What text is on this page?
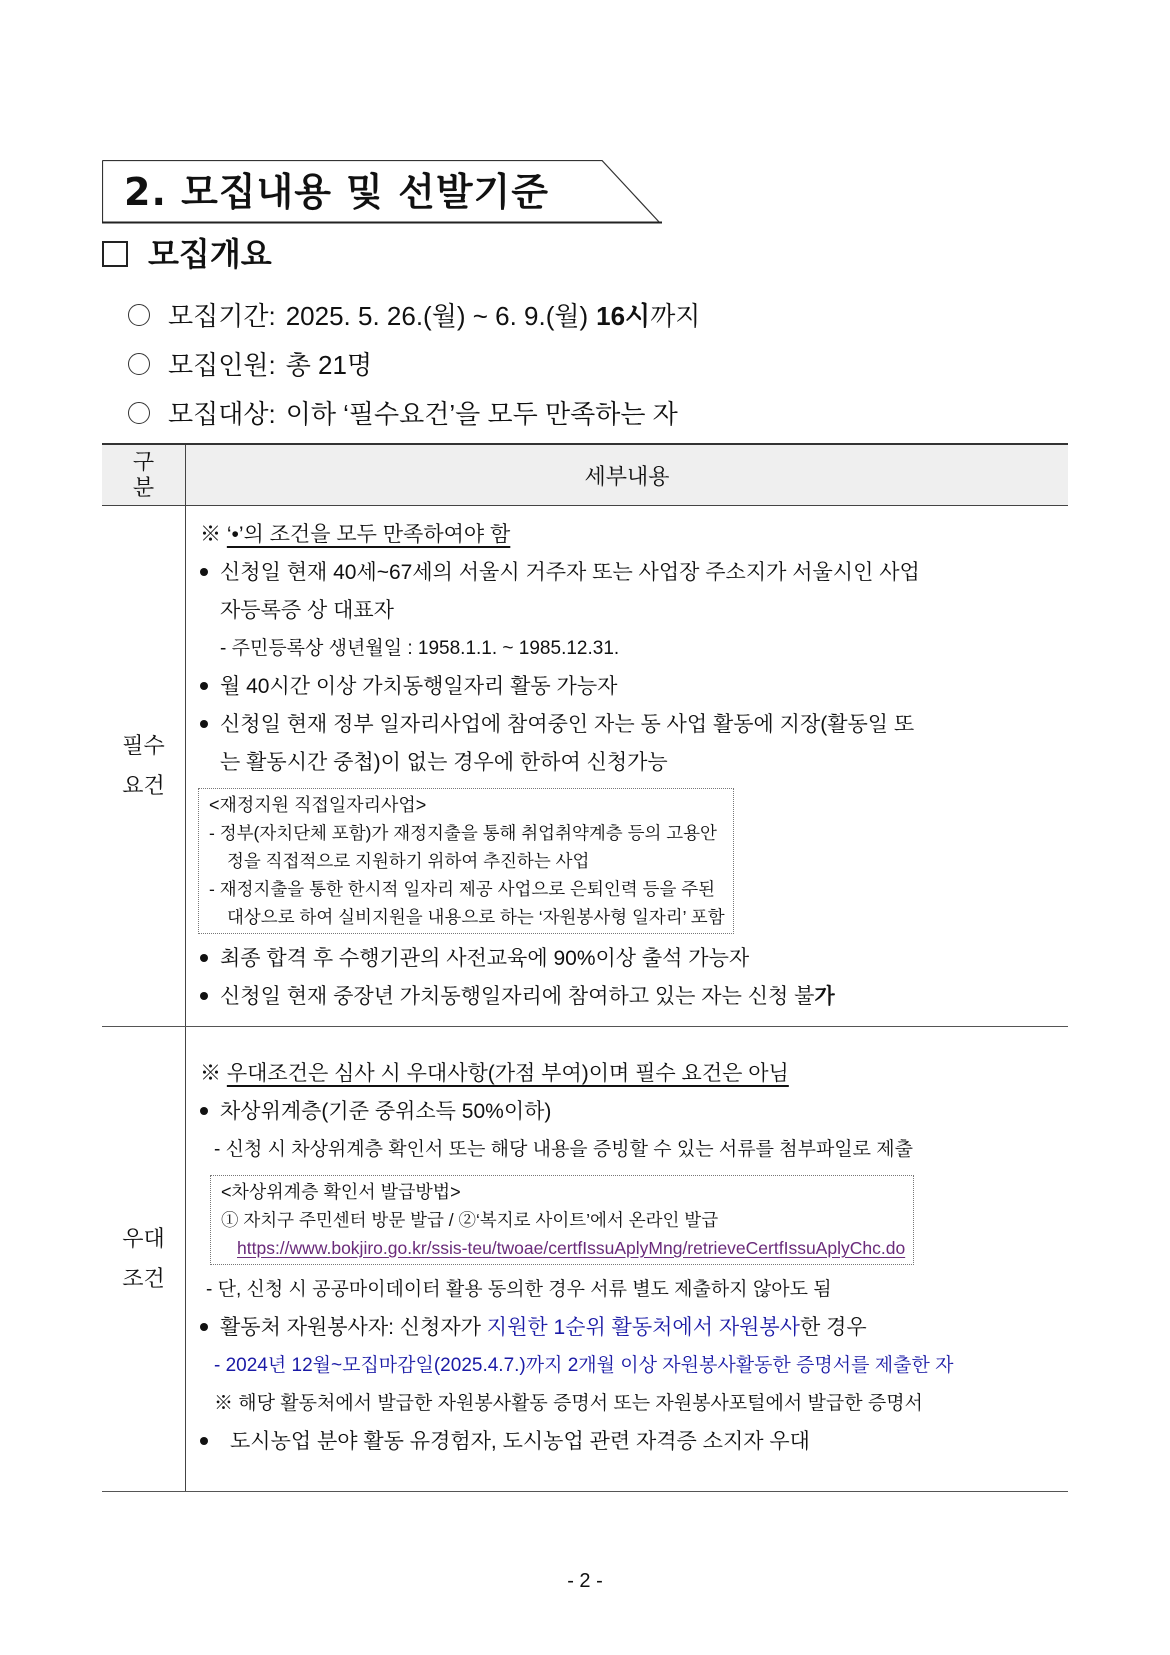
2. 모집내용 및 선발기준
모집개요
모집기간: 2025. 5. 26.(월) ~ 6. 9.(월) 16시 까지
모집인원: 총 21명
모집대상: 이하 ‘필수요건’을 모두 만족하는 자
구
분	세부내용

필수
요건

※ ‘•’의 조건을 모두 만족하여야 함
신청일 현재 40세~67세의 서울시 거주자 또는 사업장 주소지가 서울시인 사업
자등록증 상 대표자
- 주민등록상 생년월일 : 1958.1.1. ~ 1985.12.31.
월 40시간 이상 가치동행일자리 활동 가능자
신청일 현재 정부 일자리사업에 참여중인 자는 동 사업 활동에 지장(활동일 또
는 활동시간 중첩)이 없는 경우에 한하여 신청가능
<재정지원 직접일자리사업>
- 정부(자치단체 포함)가 재정지출을 통해 취업취약계층 등의 고용안
정을 직접적으로 지원하기 위하여 추진하는 사업
- 재정지출을 통한 한시적 일자리 제공 사업으로 은퇴인력 등을 주된
대상으로 하여 실비지원을 내용으로 하는 ‘자원봉사형 일자리’ 포함
최종 합격 후 수행기관의 사전교육에 90%이상 출석 가능자
신청일 현재 중장년 가치동행일자리에 참여하고 있는 자는 신청 불가

우대
조건

※ 우대조건은 심사 시 우대사항(가점 부여)이며 필수 요건은 아님
차상위계층(기준 중위소득 50%이하)
- 신청 시 차상위계층 확인서 또는 해당 내용을 증빙할 수 있는 서류를 첨부파일로 제출
<차상위계층 확인서 발급방법>
① 자치구 주민센터 방문 발급 / ②‘복지로 사이트’에서 온라인 발급
https://www.bokjiro.go.kr/ssis-teu/twoae/certfIssuAplyMng/retrieveCertfIssuAplyChc.do
- 단, 신청 시 공공마이데이터 활용 동의한 경우 서류 별도 제출하지 않아도 됨
활동처 자원봉사자: 신청자가 지원한 1순위 활동처에서 자원봉사한 경우
- 2024년 12월~모집마감일(2025.4.7.)까지 2개월 이상 자원봉사활동한 증명서를 제출한 자
※ 해당 활동처에서 발급한 자원봉사활동 증명서 또는 자원봉사포털에서 발급한 증명서
도시농업 분야 활동 유경험자, 도시농업 관련 자격증 소지자 우대
- 2 -
